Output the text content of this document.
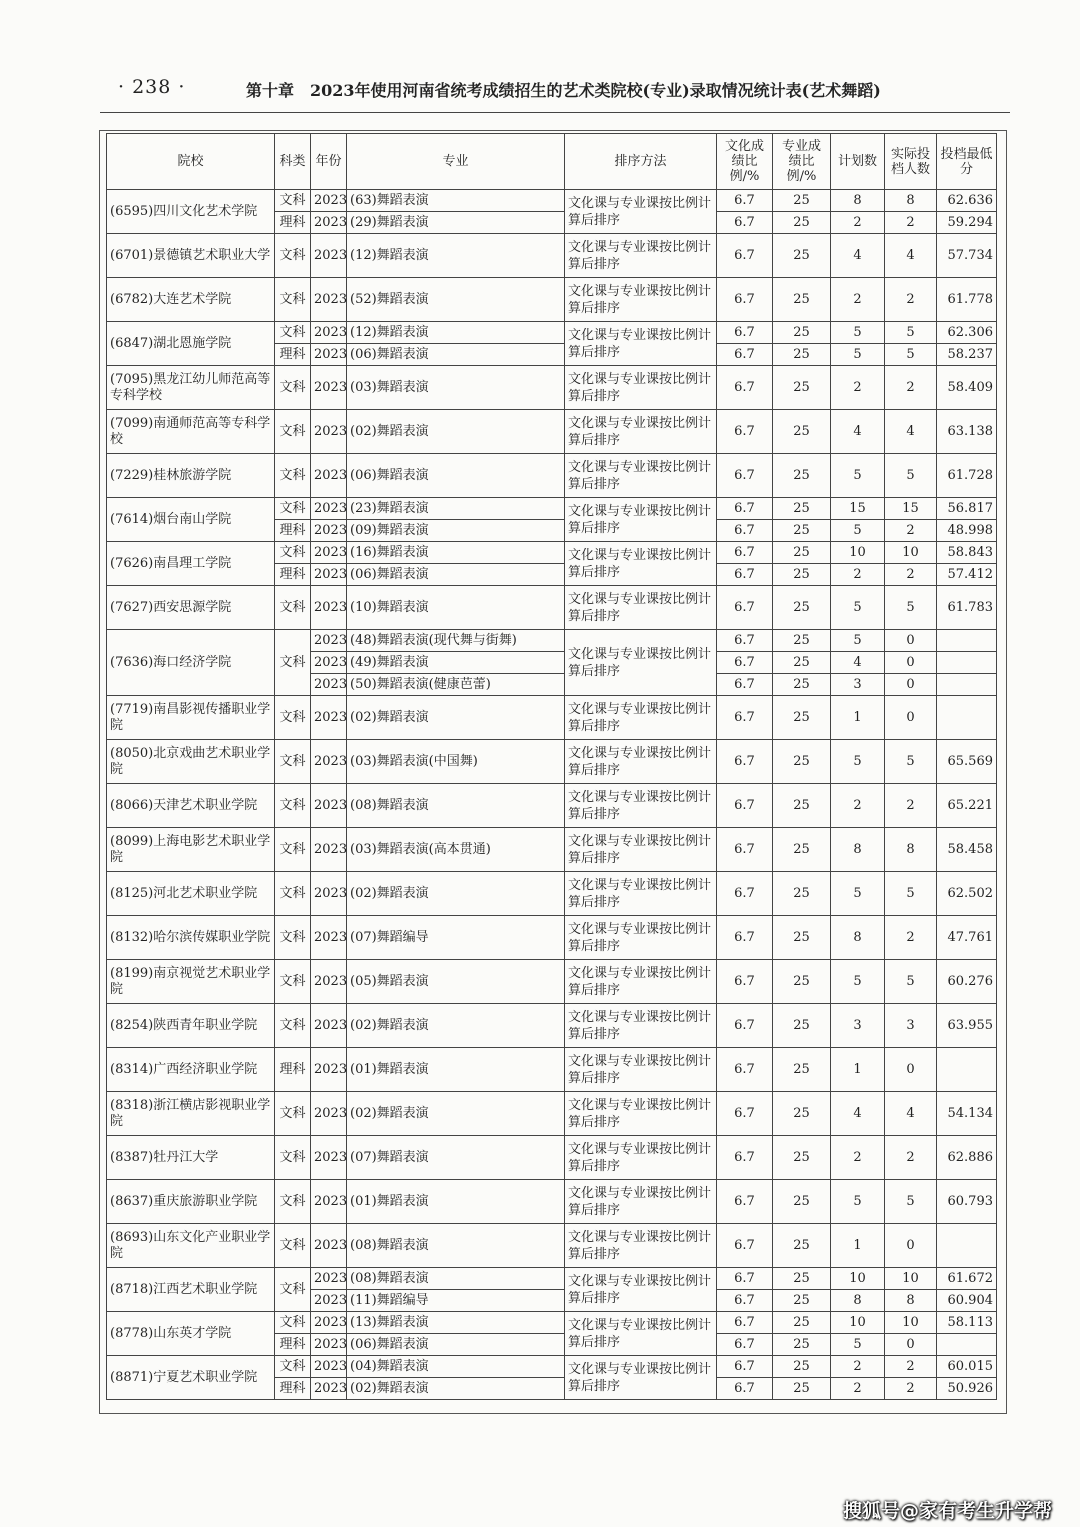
· 238 ·	第十章　2023年使用河南省统考成绩招生的艺术类院校(专业)录取情况统计表(艺术舞蹈)
院校	科类	年份	专业	排序方法	文化成绩比例/%	专业成绩比例/%	计划数	实际投档人数	投档最低分
(6595)四川文化艺术学院	文科	2023	(63)舞蹈表演	文化课与专业课按比例计算后排序	6.7	25	8	8	62.636
	理科	2023	(29)舞蹈表演		6.7	25	2	2	59.294
(6701)景德镇艺术职业大学	文科	2023	(12)舞蹈表演	文化课与专业课按比例计算后排序	6.7	25	4	4	57.734
(6782)大连艺术学院	文科	2023	(52)舞蹈表演	文化课与专业课按比例计算后排序	6.7	25	2	2	61.778
(6847)湖北恩施学院	文科	2023	(12)舞蹈表演	文化课与专业课按比例计算后排序	6.7	25	5	5	62.306
	理科	2023	(06)舞蹈表演		6.7	25	5	5	58.237
(7095)黑龙江幼儿师范高等专科学校	文科	2023	(03)舞蹈表演	文化课与专业课按比例计算后排序	6.7	25	2	2	58.409
(7099)南通师范高等专科学校	文科	2023	(02)舞蹈表演	文化课与专业课按比例计算后排序	6.7	25	4	4	63.138
(7229)桂林旅游学院	文科	2023	(06)舞蹈表演	文化课与专业课按比例计算后排序	6.7	25	5	5	61.728
(7614)烟台南山学院	文科	2023	(23)舞蹈表演	文化课与专业课按比例计算后排序	6.7	25	15	15	56.817
	理科	2023	(09)舞蹈表演		6.7	25	5	2	48.998
(7626)南昌理工学院	文科	2023	(16)舞蹈表演	文化课与专业课按比例计算后排序	6.7	25	10	10	58.843
	理科	2023	(06)舞蹈表演		6.7	25	2	2	57.412
(7627)西安思源学院	文科	2023	(10)舞蹈表演	文化课与专业课按比例计算后排序	6.7	25	5	5	61.783
(7636)海口经济学院	文科	2023	(48)舞蹈表演(现代舞与街舞)	文化课与专业课按比例计算后排序	6.7	25	5	0	
		2023	(49)舞蹈表演		6.7	25	4	0	
		2023	(50)舞蹈表演(健康芭蕾)		6.7	25	3	0	
(7719)南昌影视传播职业学院	文科	2023	(02)舞蹈表演	文化课与专业课按比例计算后排序	6.7	25	1	0	
(8050)北京戏曲艺术职业学院	文科	2023	(03)舞蹈表演(中国舞)	文化课与专业课按比例计算后排序	6.7	25	5	5	65.569
(8066)天津艺术职业学院	文科	2023	(08)舞蹈表演	文化课与专业课按比例计算后排序	6.7	25	2	2	65.221
(8099)上海电影艺术职业学院	文科	2023	(03)舞蹈表演(高本贯通)	文化课与专业课按比例计算后排序	6.7	25	8	8	58.458
(8125)河北艺术职业学院	文科	2023	(02)舞蹈表演	文化课与专业课按比例计算后排序	6.7	25	5	5	62.502
(8132)哈尔滨传媒职业学院	文科	2023	(07)舞蹈编导	文化课与专业课按比例计算后排序	6.7	25	8	2	47.761
(8199)南京视觉艺术职业学院	文科	2023	(05)舞蹈表演	文化课与专业课按比例计算后排序	6.7	25	5	5	60.276
(8254)陕西青年职业学院	文科	2023	(02)舞蹈表演	文化课与专业课按比例计算后排序	6.7	25	3	3	63.955
(8314)广西经济职业学院	理科	2023	(01)舞蹈表演	文化课与专业课按比例计算后排序	6.7	25	1	0	
(8318)浙江横店影视职业学院	文科	2023	(02)舞蹈表演	文化课与专业课按比例计算后排序	6.7	25	4	4	54.134
(8387)牡丹江大学	文科	2023	(07)舞蹈表演	文化课与专业课按比例计算后排序	6.7	25	2	2	62.886
(8637)重庆旅游职业学院	文科	2023	(01)舞蹈表演	文化课与专业课按比例计算后排序	6.7	25	5	5	60.793
(8693)山东文化产业职业学院	文科	2023	(08)舞蹈表演	文化课与专业课按比例计算后排序	6.7	25	1	0	
(8718)江西艺术职业学院	文科	2023	(08)舞蹈表演	文化课与专业课按比例计算后排序	6.7	25	10	10	61.672
		2023	(11)舞蹈编导		6.7	25	8	8	60.904
(8778)山东英才学院	文科	2023	(13)舞蹈表演	文化课与专业课按比例计算后排序	6.7	25	10	10	58.113
	理科	2023	(06)舞蹈表演		6.7	25	5	0	
(8871)宁夏艺术职业学院	文科	2023	(04)舞蹈表演	文化课与专业课按比例计算后排序	6.7	25	2	2	60.015
	理科	2023	(02)舞蹈表演		6.7	25	2	2	50.926
搜狐号@家有考生升学帮
